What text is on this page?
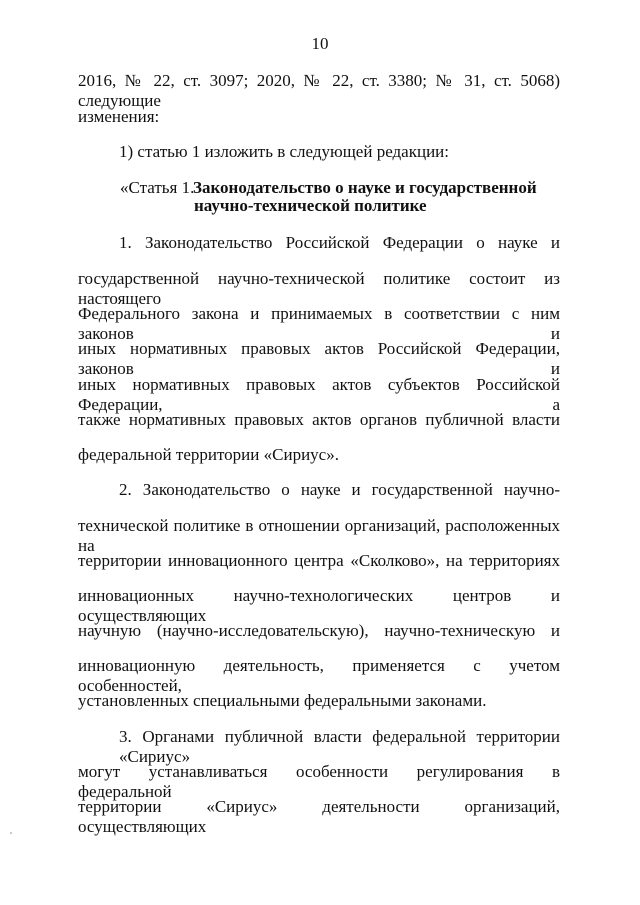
10
2016, № 22, ст. 3097; 2020, № 22, ст. 3380; № 31, ст. 5068) следующие
изменения:
1) статью 1 изложить в следующей редакции:
«Статья 1.
Законодательство о науке и государственной
научно-технической политике
1. Законодательство Российской Федерации о науке и
государственной научно-технической политике состоит из настоящего
Федерального закона и принимаемых в соответствии с ним законов и
иных нормативных правовых актов Российской Федерации, законов и
иных нормативных правовых актов субъектов Российской Федерации, а
также нормативных правовых актов органов публичной власти
федеральной территории «Сириус».
2. Законодательство о науке и государственной научно-
технической политике в отношении организаций, расположенных на
территории инновационного центра «Сколково», на территориях
инновационных научно-технологических центров и осуществляющих
научную (научно-исследовательскую), научно-техническую и
инновационную деятельность, применяется с учетом особенностей,
установленных специальными федеральными законами.
3. Органами публичной власти федеральной территории «Сириус»
могут устанавливаться особенности регулирования в федеральной
территории «Сириус» деятельности организаций, осуществляющих
